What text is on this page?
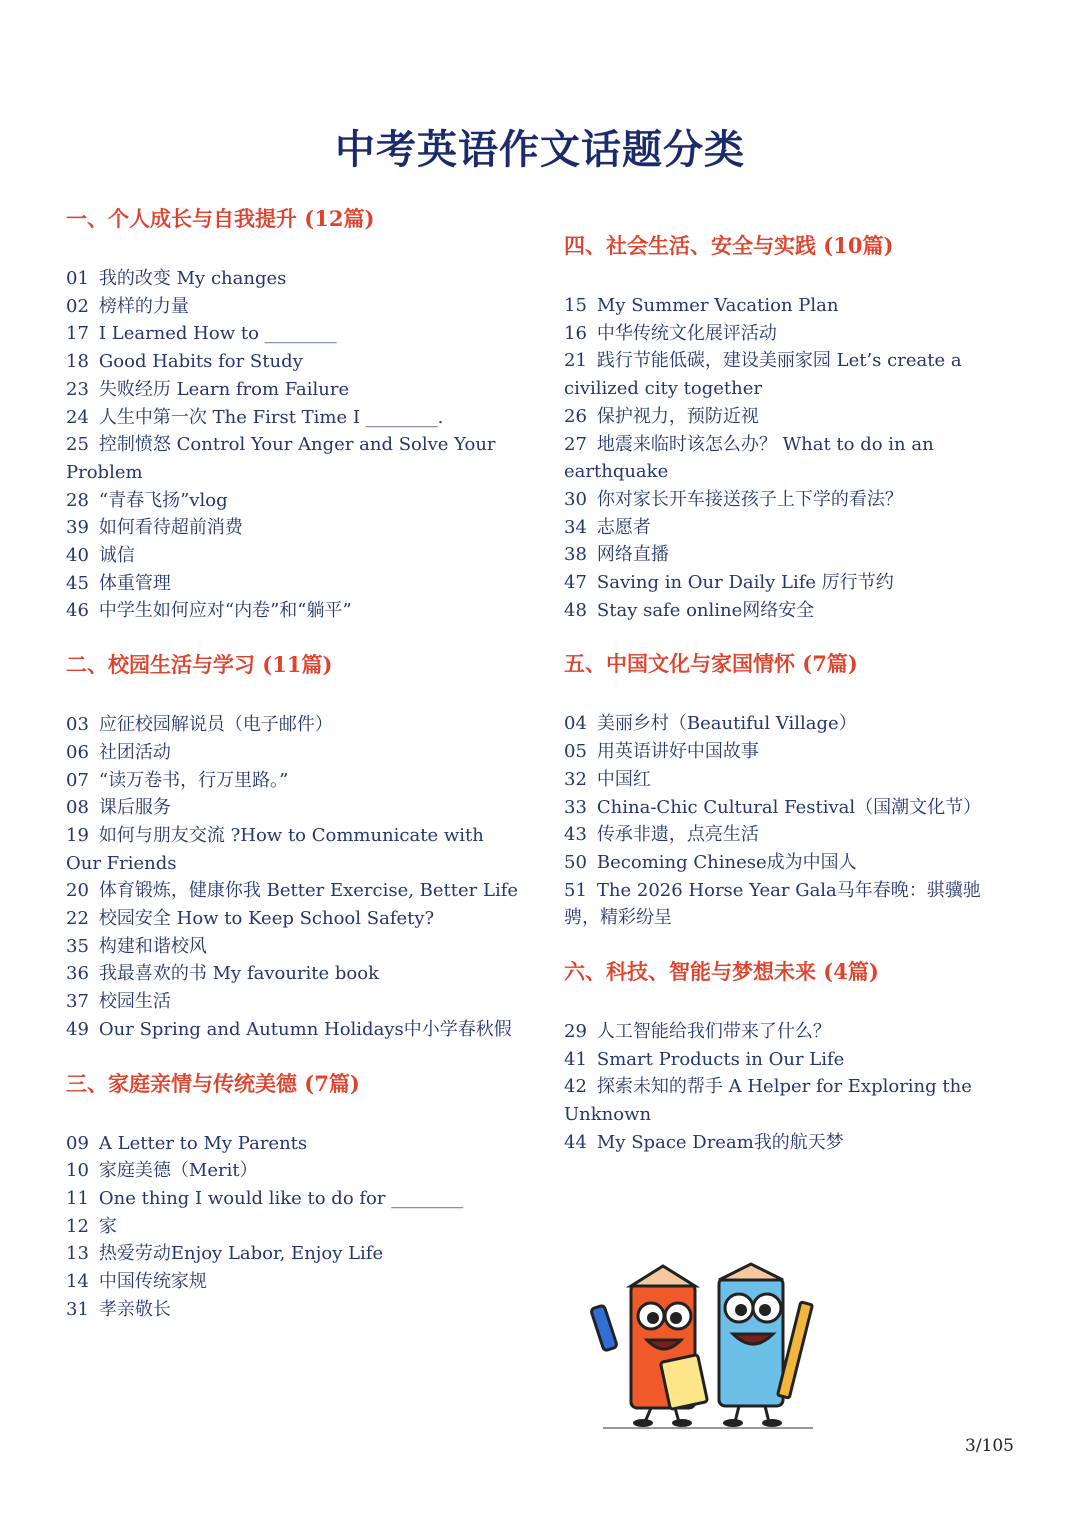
中考英语作文话题分类
一、个人成长与自我提升 (12篇)
01 我的改变 My changes
02 榜样的力量
17 I Learned How to ________
18 Good Habits for Study
23 失败经历 Learn from Failure
24 人生中第一次 The First Time I ________.
25 控制愤怒 Control Your Anger and Solve Your Problem
28 “青春飞扬”vlog
39 如何看待超前消费
40 诚信
45 体重管理
46 中学生如何应对“内卷”和“躺平”
二、校园生活与学习 (11篇)
03 应征校园解说员（电子邮件）
06 社团活动
07 “读万卷书，行万里路。”
08 课后服务
19 如何与朋友交流 ?How to Communicate with Our Friends
20 体育锻炼，健康你我 Better Exercise, Better Life
22 校园安全 How to Keep School Safety?
35 构建和谐校风
36 我最喜欢的书 My favourite book
37 校园生活
49 Our Spring and Autumn Holidays中小学春秋假
三、家庭亲情与传统美德 (7篇)
09 A Letter to My Parents
10 家庭美德（Merit）
11 One thing I would like to do for ________
12 家
13 热爱劳动Enjoy Labor, Enjoy Life
14 中国传统家规
31 孝亲敬长
四、社会生活、安全与实践 (10篇)
15 My Summer Vacation Plan
16 中华传统文化展评活动
21 践行节能低碳，建设美丽家园 Let’s create a civilized city together
26 保护视力，预防近视
27 地震来临时该怎么办？ What to do in an earthquake
30 你对家长开车接送孩子上下学的看法？
34 志愿者
38 网络直播
47 Saving in Our Daily Life 厉行节约
48 Stay safe online网络安全
五、中国文化与家国情怀 (7篇)
04 美丽乡村（Beautiful Village）
05 用英语讲好中国故事
32 中国红
33 China-Chic Cultural Festival（国潮文化节）
43 传承非遗，点亮生活
50 Becoming Chinese成为中国人
51 The 2026 Horse Year Gala马年春晚：骐骥驰骋，精彩纷呈
六、科技、智能与梦想未来 (4篇)
29 人工智能给我们带来了什么？
41 Smart Products in Our Life
42 探索未知的帮手 A Helper for Exploring the Unknown
44 My Space Dream我的航天梦
3/105
